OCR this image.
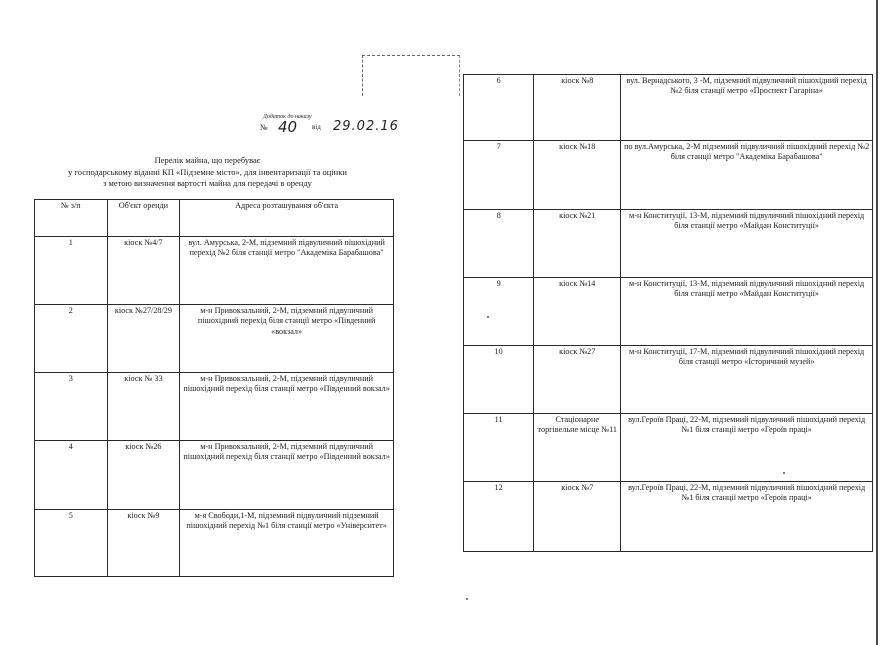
Додаток до наказу
№ 40 від 29.02.16
Перелік майна, що перебуває
у господарському віданні КП «Підземне місто», для інвентаризації та оцінки
з метою визначення вартості майна для передачі в оренду
№ з/п	Об'єкт оренди	Адреса розташування об'єкта
1	кіоск №4/7	вул. Амурська, 2-М, підземний підвуличний пішохідний перехід №2 біля станції метро "Академіка Барабашова"
2	кіоск №27/28/29	м-н Привокзальний, 2-М, підземний підвуличний пішохідний перехід біля станції метро «Південний «вокзал»
3	кіоск № 33	м-н Привокзальний, 2-М, підземний підвуличний пішохідний перехід біля станції метро «Південний вокзал»
4	кіоск №26	м-н Привокзальний, 2-М, підземний підвуличний пішохідний перехід біля станції метро «Південний вокзал»
5	кіоск №9	м-я Свободи,1-М, підземний підвуличний підземний пішохідний перехід №1 біля станції метро «Університет»
6	кіоск №8	вул. Вернадського, 3 -М, підземний підвуличний пішохідний перехід №2 біля станції метро «Проспект Гагаріна»
7	кіоск №18	по вул.Амурська, 2-М підземний підвуличний пішохідний перехід №2 біля станції метро "Академіка Барабашова"
8	кіоск №21	м-н Конституції, 13-М, підземний підвуличний пішохідний перехід біля станції метро «Майдан Конституції»
9	кіоск №14	м-н Конституції, 13-М, підземний підвуличний пішохідний перехід біля станції метро «Майдан Конституції»
10	кіоск №27	м-н Конституції, 17-М, підземний підвуличний пішохідний перехід біля станції метро «Історичний музей»
11	Стаціонарне торгівельне місце №11	вул.Героїв Праці, 22-М, підземний підвуличний пішохідний перехід №1 біля станції метро «Героїв праці»
12	кіоск №7	вул.Героїв Праці, 22-М, підземний підвуличний пішохідний перехід №1 біля станції метро «Героїв праці»
